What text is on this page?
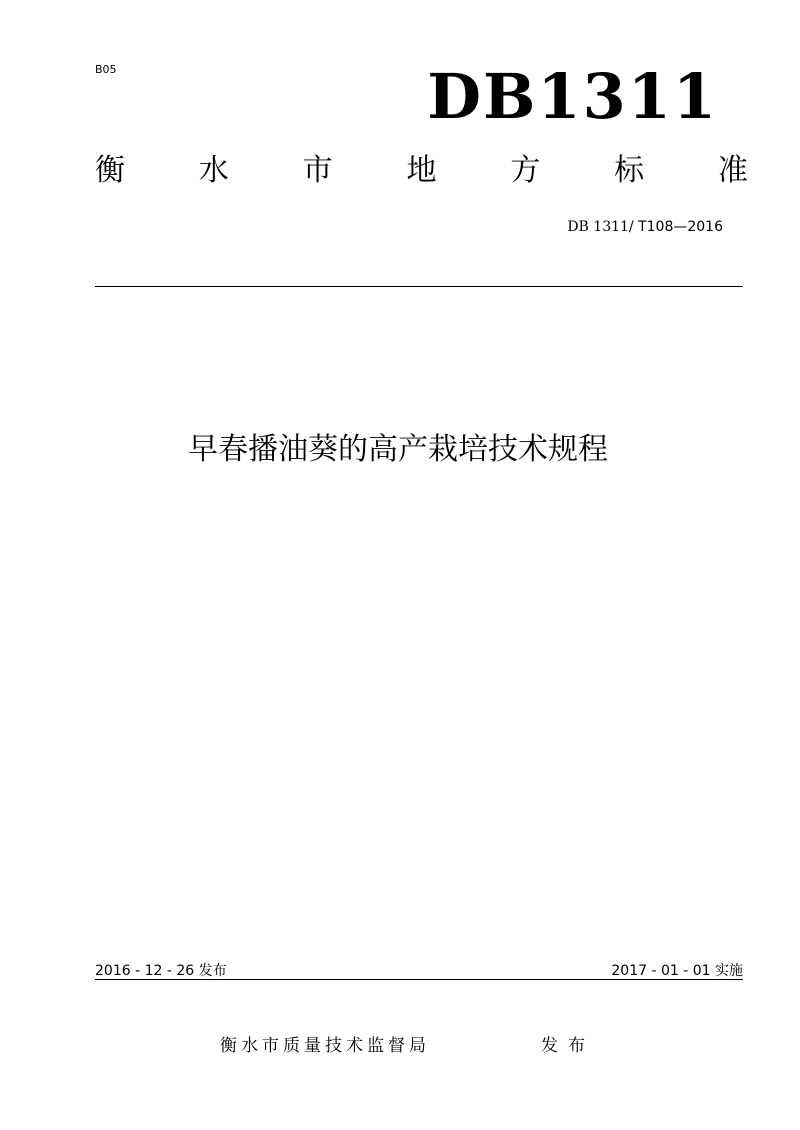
B05	DB1311
衡 水 市 地 方 标 准
DB 1311/ T108—2016
早春播油葵的高产栽培技术规程
2016 - 12 - 26 发布	2017 - 01 - 01 实施
衡水市质量技术监督局	发布
